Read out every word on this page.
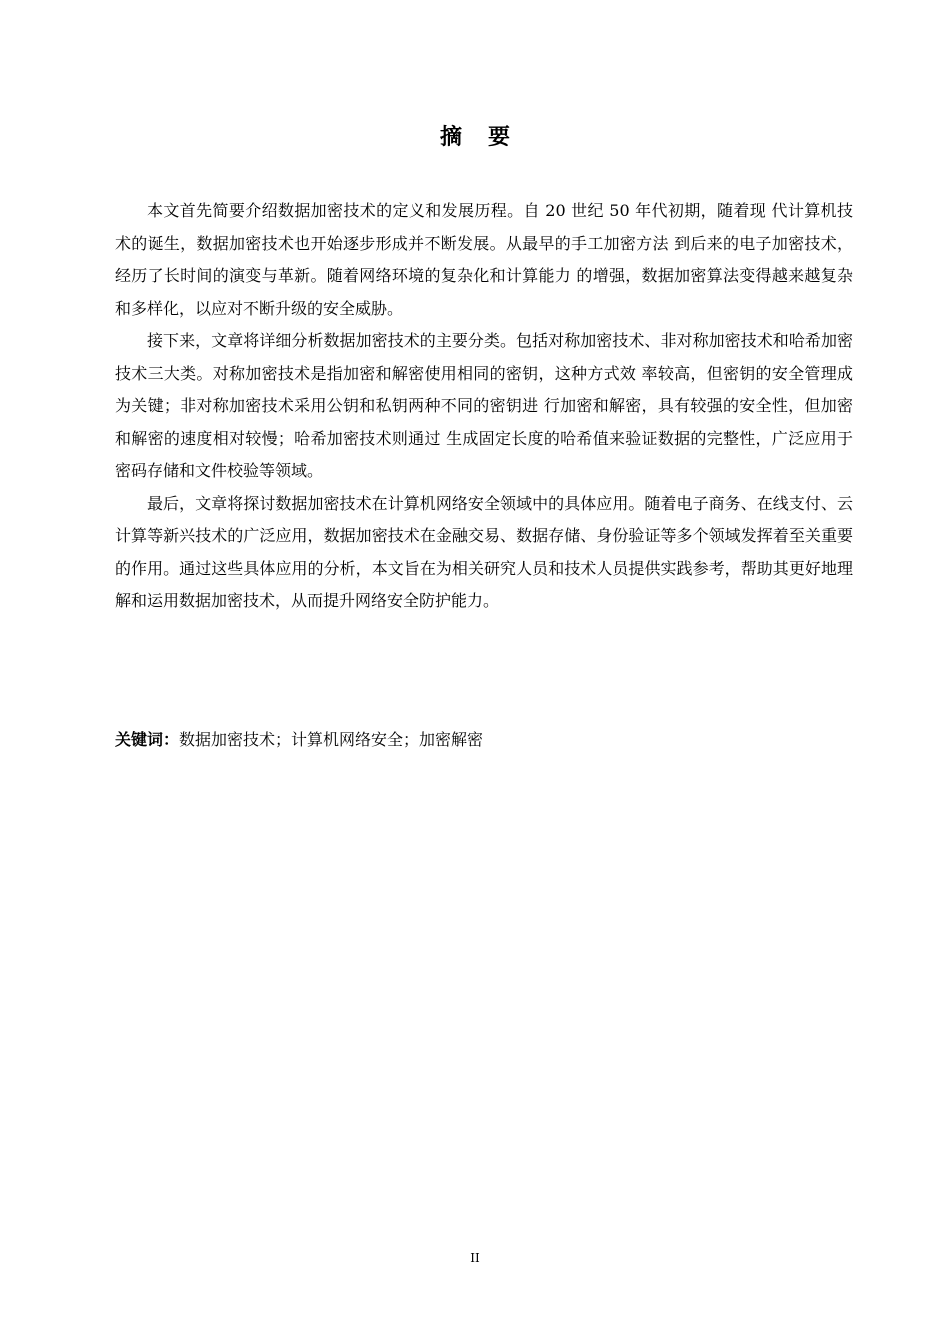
摘要

本文首先简要介绍数据加密技术的定义和发展历程。自 20 世纪 50 年代初期，随着现 代计算机技术的诞生，数据加密技术也开始逐步形成并不断发展。从最早的手工加密方法 到后来的电子加密技术，经历了长时间的演变与革新。随着网络环境的复杂化和计算能力 的增强，数据加密算法变得越来越复杂和多样化，以应对不断升级的安全威胁。

接下来，文章将详细分析数据加密技术的主要分类。包括对称加密技术、非对称加密技术和哈希加密技术三大类。对称加密技术是指加密和解密使用相同的密钥，这种方式效 率较高，但密钥的安全管理成为关键；非对称加密技术采用公钥和私钥两种不同的密钥进 行加密和解密，具有较强的安全性，但加密和解密的速度相对较慢；哈希加密技术则通过 生成固定长度的哈希值来验证数据的完整性，广泛应用于密码存储和文件校验等领域。

最后，文章将探讨数据加密技术在计算机网络安全领域中的具体应用。随着电子商务、在线支付、云计算等新兴技术的广泛应用，数据加密技术在金融交易、数据存储、身份验证等多个领域发挥着至关重要的作用。通过这些具体应用的分析，本文旨在为相关研究人员和技术人员提供实践参考，帮助其更好地理解和运用数据加密技术，从而提升网络安全防护能力。

关键词：数据加密技术；计算机网络安全；加密解密
II
